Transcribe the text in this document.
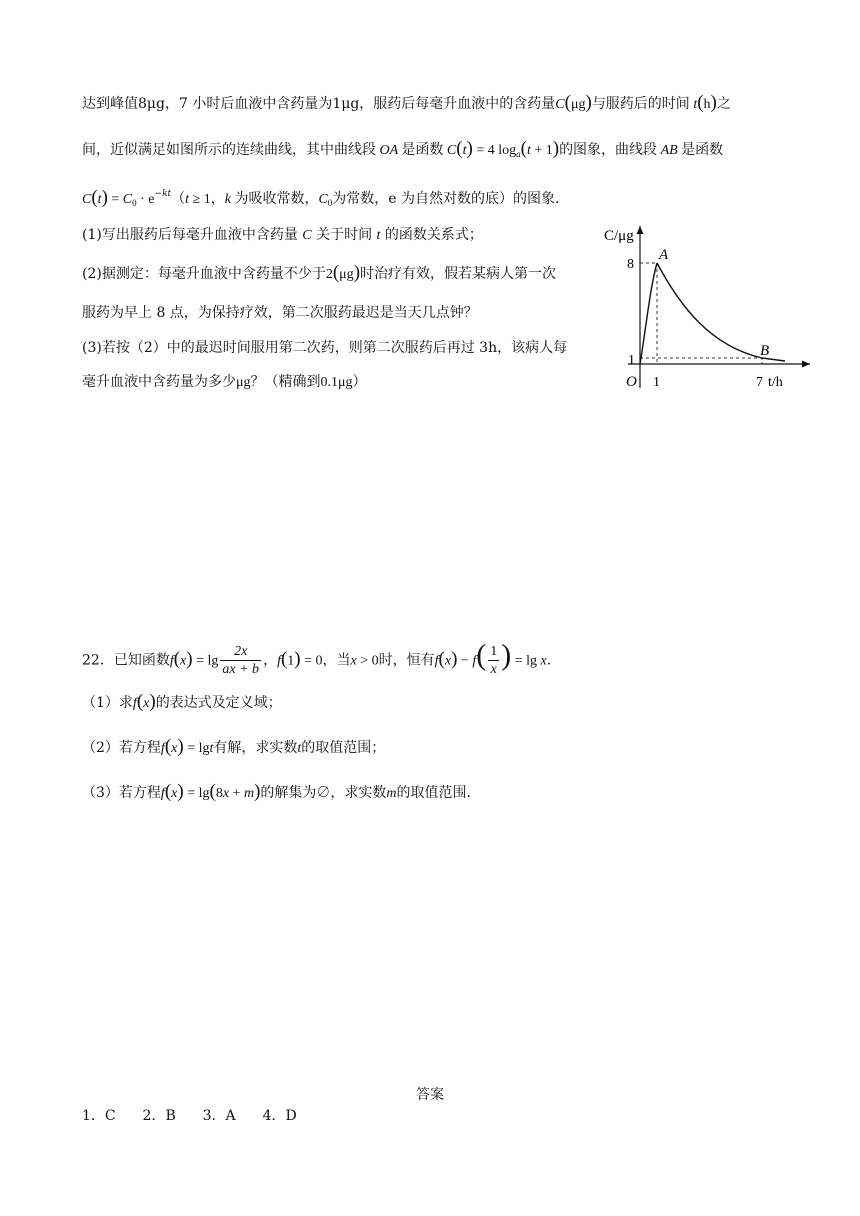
达到峰值8μg，7 小时后血液中含药量为1μg，服药后每毫升血液中的含药量C(μg)与服药后的时间 t(h)之
间，近似满足如图所示的连续曲线，其中曲线段 OA 是函数 C(t) = 4 $\log_a(t + 1)$的图象，曲线段 AB 是函数
$C(t) = C_0 \cdot e^{-kt}(t \ge 1$，k 为吸收常数，$C_0$为常数，e 为自然对数的底）的图象.
(1)写出服药后每毫升血液中含药量 C 关于时间 t 的函数关系式；
(2)据测定：每毫升血液中含药量不少于2(μg)时治疗有效，假若某病人第一次
服药为早上 8 点，为保持疗效，第二次服药最迟是当天几点钟？
(3)若按（2）中的最迟时间服用第二次药，则第二次服药后再过 3h，该病人每
毫升血液中含药量为多少μg？（精确到0.1μg）
C/μg
t/h
O
8
1
1	7
A
B
22．已知函数$f(x) = \lg \frac{2x}{ax + b}$ ，f(1) = 0，当x > 0时，恒有$f(x) - f( \frac{1}{x}$ ) = lg x.
（1）求f(x)的表达式及定义域；
（2）若方程f(x) = lgt有解，求实数t的取值范围；
（3）若方程f(x) = lg(8x + m)的解集为∅，求实数m的取值范围.
答案
1．C 2．B 3．A 4．D
